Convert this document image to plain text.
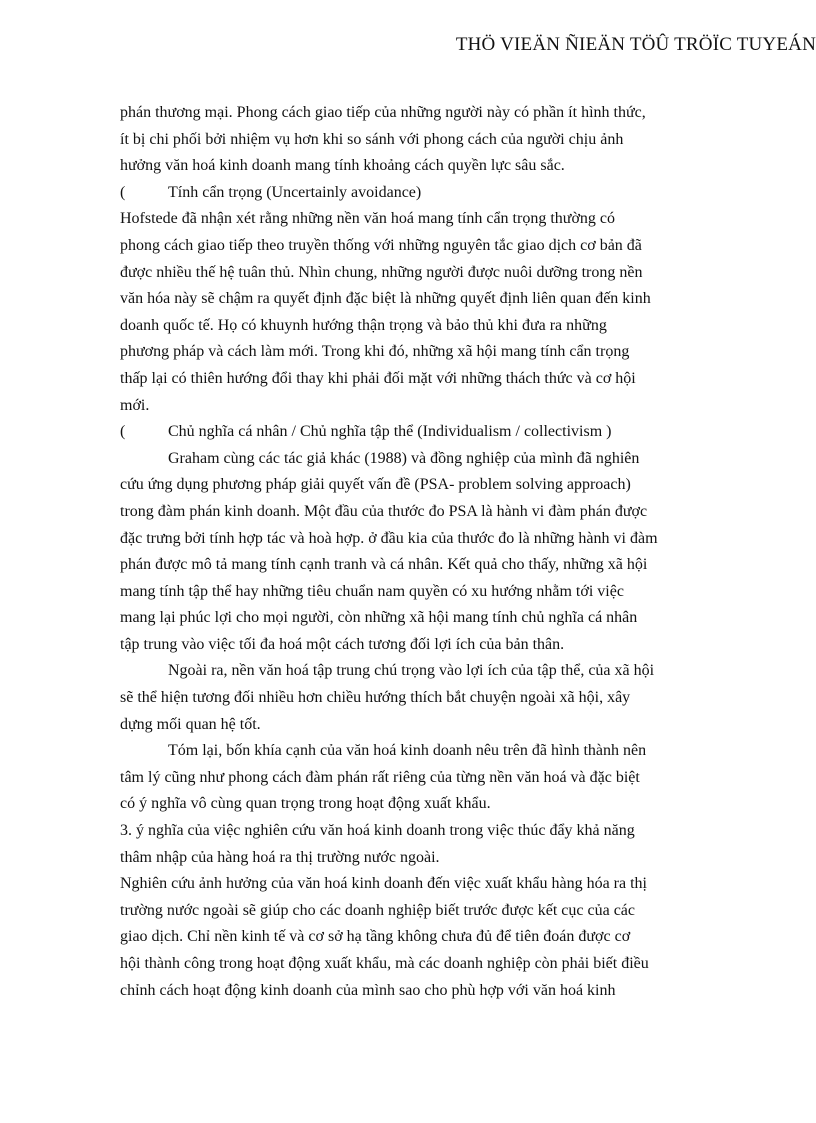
THÖ VIEÄN ÑIEÄN TÖÛ TRÖÏC TUYEÁN
phán thương mại. Phong cách giao tiếp của những người này có phần ít hình thức,
ít bị chi phối bởi nhiệm vụ hơn khi so sánh với phong cách của người chịu ảnh
hưởng văn hoá kinh doanh mang tính khoảng cách quyền lực sâu sắc.
(	Tính cẩn trọng (Uncertainly avoidance)
Hofstede đã nhận xét rằng những nền văn hoá mang tính cẩn trọng thường có
phong cách giao tiếp theo truyền thống với những nguyên tắc giao dịch cơ bản đã
được nhiều thế hệ tuân thủ. Nhìn chung, những người được nuôi dưỡng trong nền
văn hóa này sẽ chậm ra quyết định đặc biệt là những quyết định liên quan đến kinh
doanh quốc tế. Họ có khuynh hướng thận trọng và bảo thủ khi đưa ra những
phương pháp và cách làm mới. Trong khi đó, những xã hội mang tính cẩn trọng
thấp lại có thiên hướng đổi thay khi phải đối mặt với những thách thức và cơ hội
mới.
(	Chủ nghĩa cá nhân / Chủ nghĩa tập thể (Individualism / collectivism )
Graham cùng các tác giả khác (1988) và đồng nghiệp của mình đã nghiên
cứu ứng dụng phương pháp giải quyết vấn đề (PSA- problem solving approach)
trong đàm phán kinh doanh. Một đầu của thước đo PSA là hành vi đàm phán được
đặc trưng bởi tính hợp tác và hoà hợp. ở đầu kia của thước đo là những hành vi đàm
phán được mô tả mang tính cạnh tranh và cá nhân. Kết quả cho thấy, những xã hội
mang tính tập thể hay những tiêu chuẩn nam quyền có xu hướng nhằm tới việc
mang lại phúc lợi cho mọi người, còn những xã hội mang tính chủ nghĩa cá nhân
tập trung vào việc tối đa hoá một cách tương đối lợi ích của bản thân.
Ngoài ra, nền văn hoá tập trung chú trọng vào lợi ích của tập thể, của xã hội
sẽ thể hiện tương đối nhiều hơn chiều hướng thích bắt chuyện ngoài xã hội, xây
dựng mối quan hệ tốt.
Tóm lại, bốn khía cạnh của văn hoá kinh doanh nêu trên đã hình thành nên
tâm lý cũng như phong cách đàm phán rất riêng của từng nền văn hoá và đặc biệt
có ý nghĩa vô cùng quan trọng trong hoạt động xuất khẩu.
3. ý nghĩa của việc nghiên cứu văn hoá kinh doanh trong việc thúc đẩy khả năng
thâm nhập của hàng hoá ra thị trường nước ngoài.
Nghiên cứu ảnh hưởng của văn hoá kinh doanh đến việc xuất khẩu hàng hóa ra thị
trường nước ngoài sẽ giúp cho các doanh nghiệp biết trước được kết cục của các
giao dịch. Chỉ nền kinh tế và cơ sở hạ tầng không chưa đủ để tiên đoán được cơ
hội thành công trong hoạt động xuất khẩu, mà các doanh nghiệp còn phải biết điều
chỉnh cách hoạt động kinh doanh của mình sao cho phù hợp với văn hoá kinh
